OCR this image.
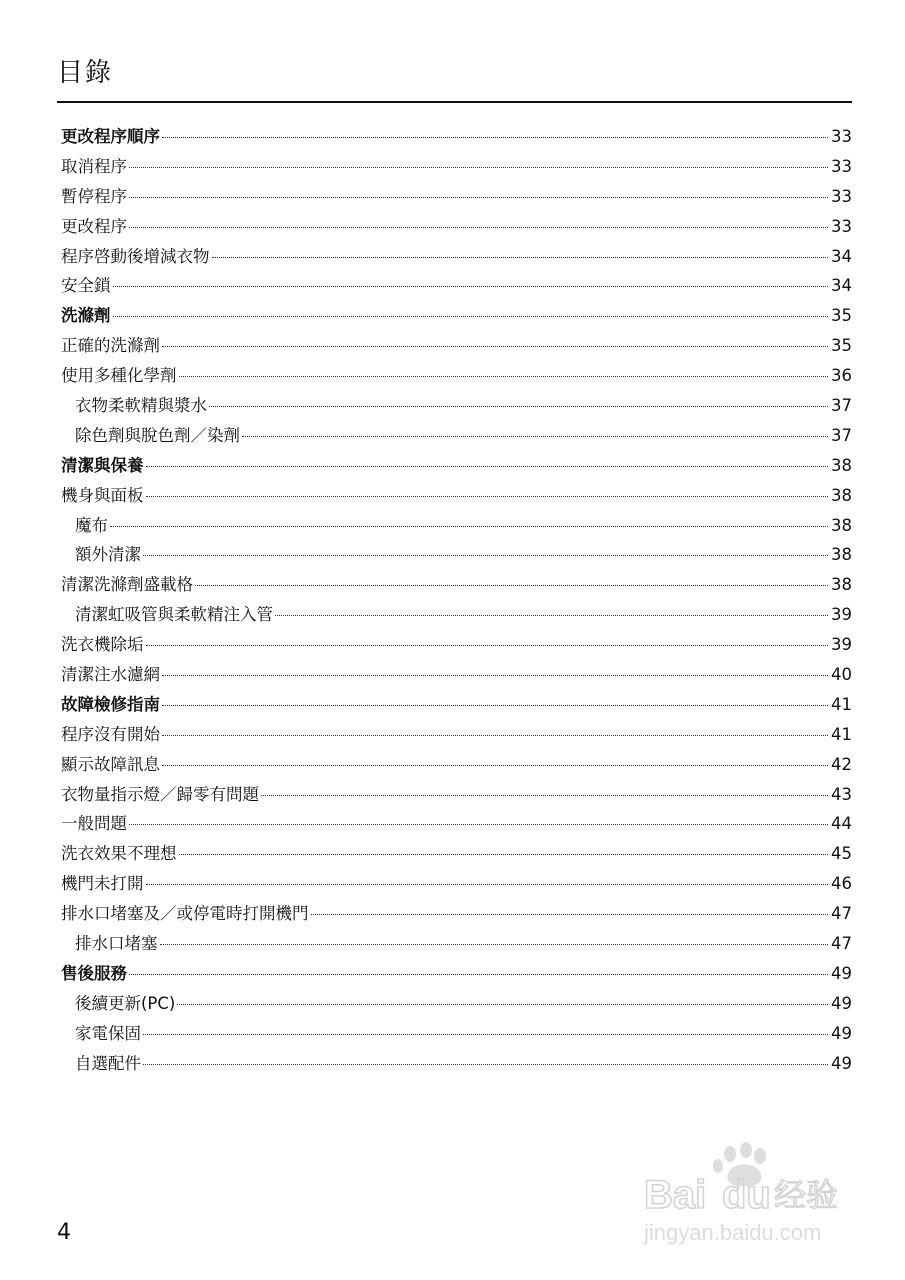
目錄
更改程序順序	33
取消程序	33
暫停程序	33
更改程序	33
程序啓動後增減衣物	34
安全鎖	34
洗滌劑	35
正確的洗滌劑	35
使用多種化學劑	36
衣物柔軟精與漿水	37
除色劑與脫色劑／染劑	37
清潔與保養	38
機身與面板	38
魔布	38
額外清潔	38
清潔洗滌劑盛載格	38
清潔虹吸管與柔軟精注入管	39
洗衣機除垢	39
清潔注水濾網	40
故障檢修指南	41
程序沒有開始	41
顯示故障訊息	42
衣物量指示燈／歸零有問題	43
一般問題	44
洗衣效果不理想	45
機門未打開	46
排水口堵塞及／或停電時打開機門	47
排水口堵塞	47
售後服務	49
後續更新(PC)	49
家電保固	49
自選配件	49
4
Bai du 经验
jingyan.baidu.com
